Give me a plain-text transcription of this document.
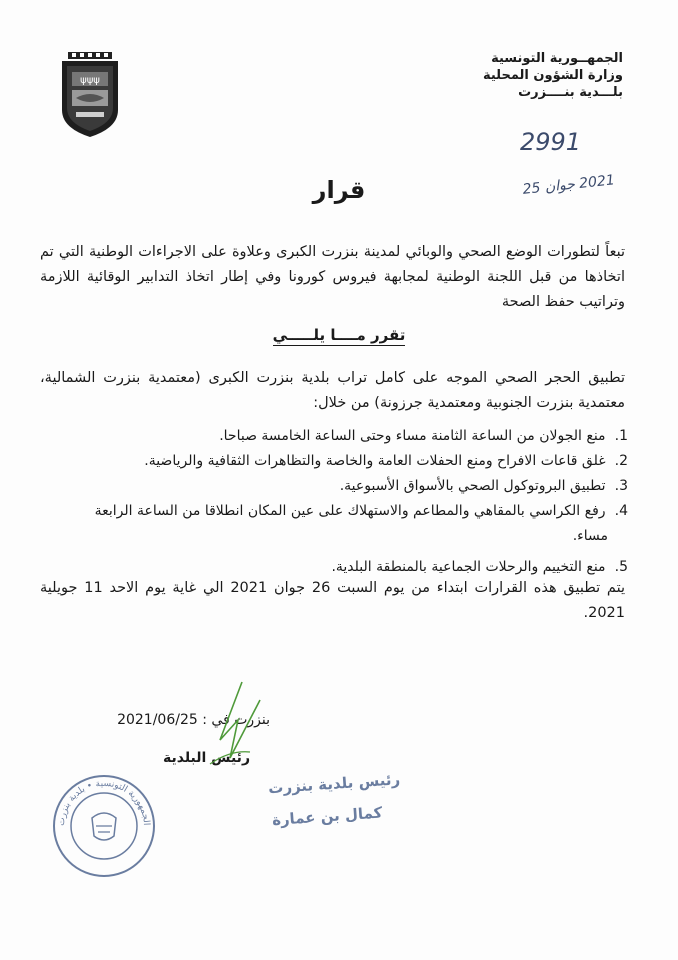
الجمهــورية التونسية
وزارة الشؤون المحلية
بلـــدية بنــــزرت
ψψψ
2991
2021 جوان 25
قرار
تبعاً لتطورات الوضع الصحي والوبائي لمدينة بنزرت الكبرى وعلاوة على الاجراءات الوطنية التي تم اتخاذها من قبل اللجنة الوطنية لمجابهة فيروس كورونا وفي إطار اتخاذ التدابير الوقائية اللازمة وتراتيب حفظ الصحة
تقرر مــــا يلـــــي
تطبيق الحجر الصحي الموجه على كامل تراب بلدية بنزرت الكبرى (معتمدية بنزرت الشمالية، معتمدية بنزرت الجنوبية ومعتمدية جرزونة) من خلال:
1. منع الجولان من الساعة الثامنة مساء وحتى الساعة الخامسة صباحا.
2. غلق قاعات الافراح ومنع الحفلات العامة والخاصة والتظاهرات الثقافية والرياضية.
3. تطبيق البروتوكول الصحي بالأسواق الأسبوعية.
4. رفع الكراسي بالمقاهي والمطاعم والاستهلاك على عين المكان انطلاقا من الساعة الرابعة مساء.
5. منع التخييم والرحلات الجماعية بالمنطقة البلدية.
يتم تطبيق هذه القرارات ابتداء من يوم السبت 26 جوان 2021 الي غاية يوم الاحد 11 جويلية 2021.
بنزرت في : 2021/06/25
رئيس البلدية
رئيس بلدية بنزرت
كمال بن عمارة
الجمهورية التونسية • بلدية بنزرت
